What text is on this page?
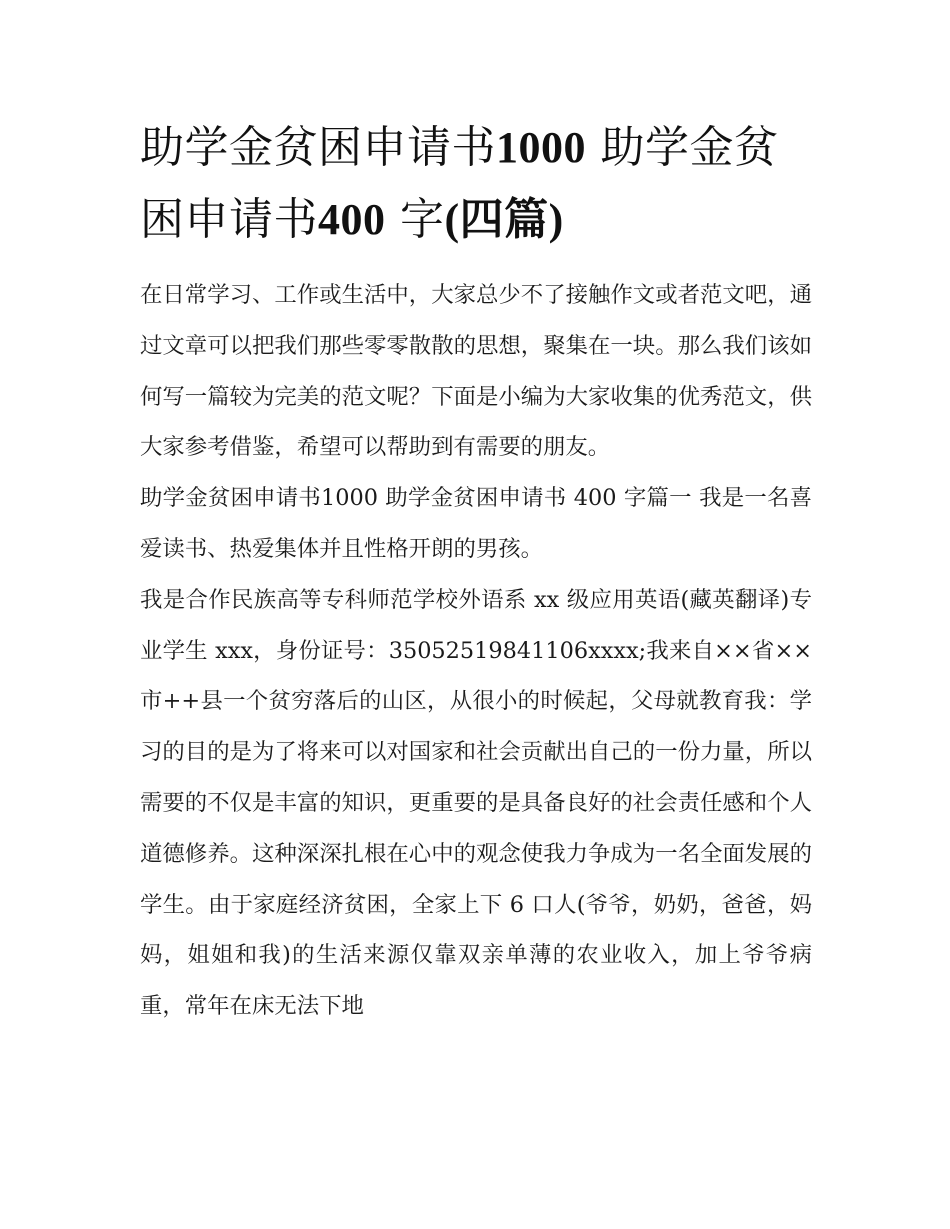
助学金贫困申请书1000 助学金贫困申请书400 字(四篇)

在日常学习、工作或生活中，大家总少不了接触作文或者范文吧，通过文章可以把我们那些零零散散的思想，聚集在一块。那么我们该如何写一篇较为完美的范文呢？下面是小编为大家收集的优秀范文，供大家参考借鉴，希望可以帮助到有需要的朋友。

助学金贫困申请书1000 助学金贫困申请书 400 字篇一 我是一名喜爱读书、热爱集体并且性格开朗的男孩。

我是合作民族高等专科师范学校外语系 xx 级应用英语(藏英翻译)专业学生 xxx，身份证号：35052519841106xxxx;我来自××省××市++县一个贫穷落后的山区，从很小的时候起，父母就教育我：学习的目的是为了将来可以对国家和社会贡献出自己的一份力量，所以需要的不仅是丰富的知识，更重要的是具备良好的社会责任感和个人道德修养。这种深深扎根在心中的观念使我力争成为一名全面发展的学生。由于家庭经济贫困，全家上下 6 口人(爷爷，奶奶，爸爸，妈妈，姐姐和我)的生活来源仅靠双亲单薄的农业收入，加上爷爷病重，常年在床无法下地
